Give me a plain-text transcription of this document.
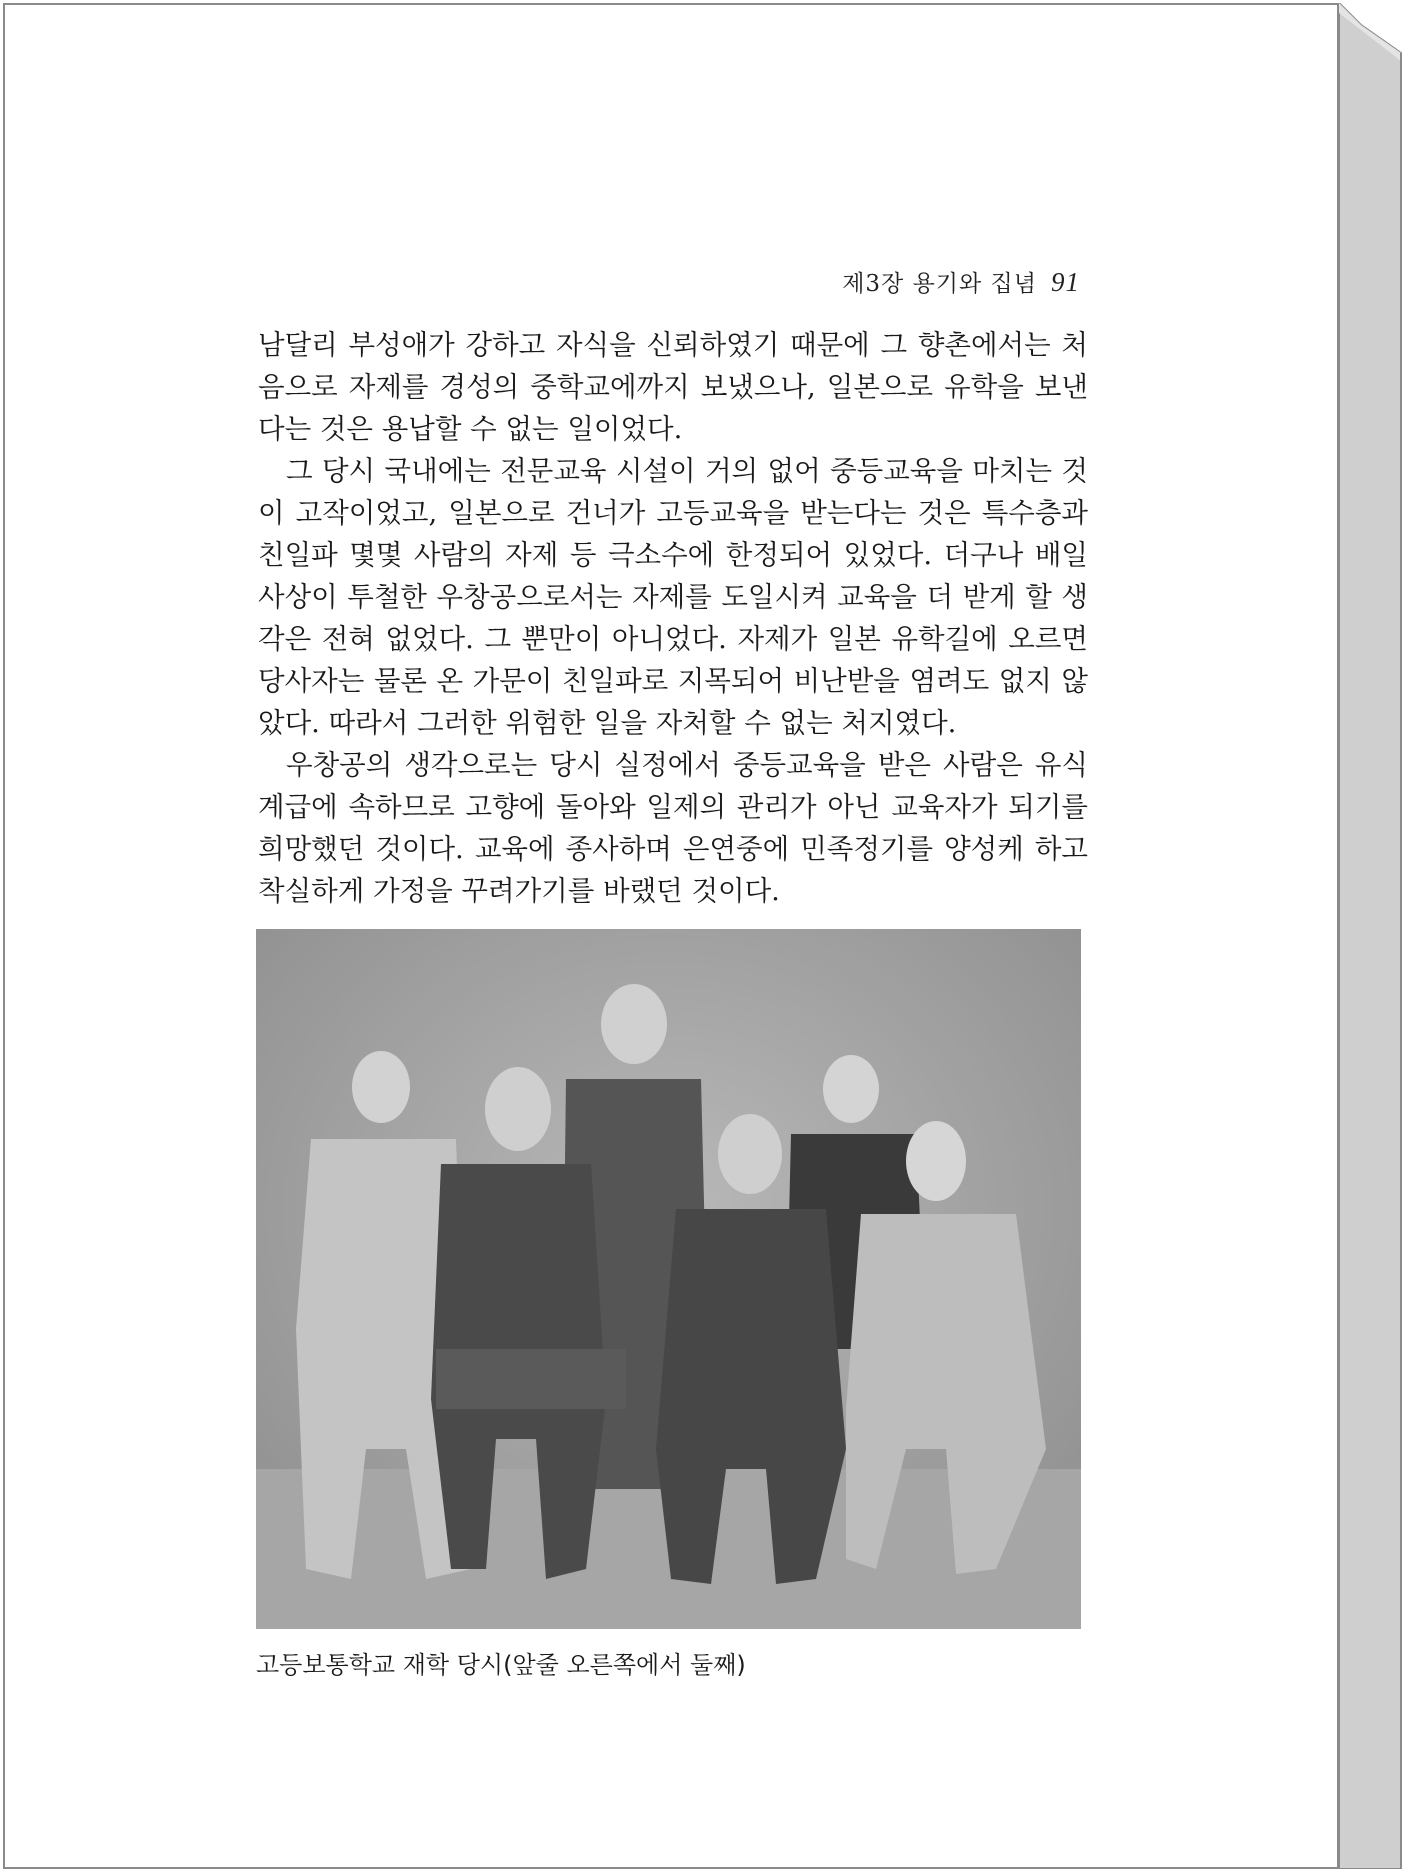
제3장 용기와 집념 91

남달리 부성애가 강하고 자식을 신뢰하였기 때문에 그 향촌에서는 처음으로 자제를 경성의 중학교에까지 보냈으나, 일본으로 유학을 보낸다는 것은 용납할 수 없는 일이었다.

그 당시 국내에는 전문교육 시설이 거의 없어 중등교육을 마치는 것이 고작이었고, 일본으로 건너가 고등교육을 받는다는 것은 특수층과 친일파 몇몇 사람의 자제 등 극소수에 한정되어 있었다. 더구나 배일사상이 투철한 우창공으로서는 자제를 도일시켜 교육을 더 받게 할 생각은 전혀 없었다. 그 뿐만이 아니었다. 자제가 일본 유학길에 오르면 당사자는 물론 온 가문이 친일파로 지목되어 비난받을 염려도 없지 않았다. 따라서 그러한 위험한 일을 자처할 수 없는 처지였다.

우창공의 생각으로는 당시 실정에서 중등교육을 받은 사람은 유식계급에 속하므로 고향에 돌아와 일제의 관리가 아닌 교육자가 되기를 희망했던 것이다. 교육에 종사하며 은연중에 민족정기를 양성케 하고 착실하게 가정을 꾸려가기를 바랬던 것이다.

고등보통학교 재학 당시(앞줄 오른쪽에서 둘째)
